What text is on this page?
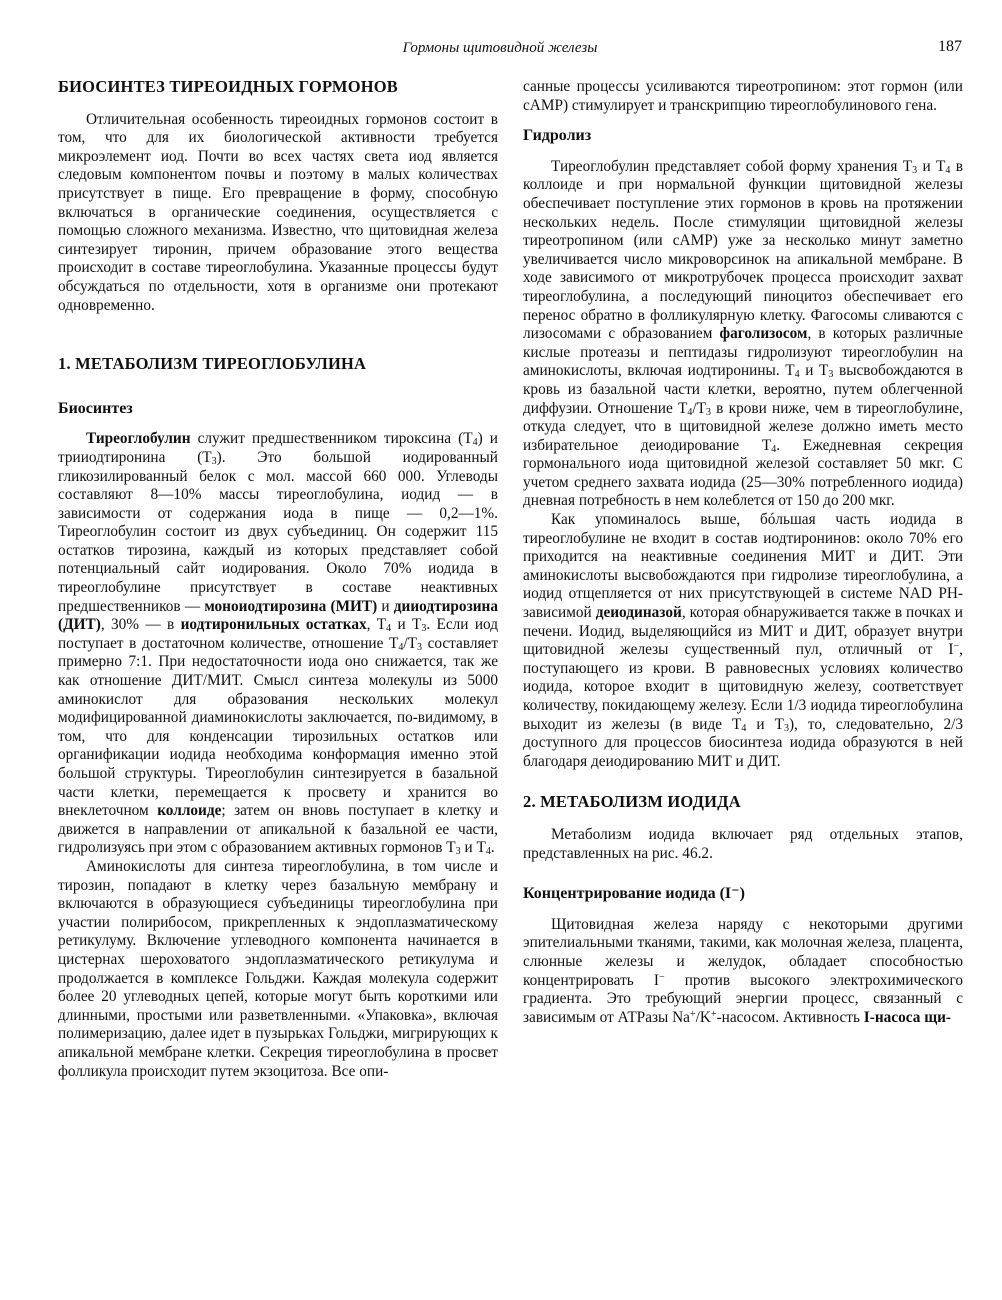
Гормоны щитовидной железы	187
БИОСИНТЕЗ ТИРЕОИДНЫХ ГОРМОНОВ

Отличительная особенность тиреоидных гормонов состоит в том, что для их биологической активности требуется микроэлемент иод. Почти во всех частях света иод является следовым компонентом почвы и поэтому в малых количествах присутствует в пище. Его превращение в форму, способную включаться в органические соединения, осуществляется с помощью сложного механизма. Известно, что щитовидная железа синтезирует тиронин, причем образование этого вещества происходит в составе тиреоглобулина. Указанные процессы будут обсуждаться по отдельности, хотя в организме они протекают одновременно.

1. МЕТАБОЛИЗМ ТИРЕОГЛОБУЛИНА
Биосинтез

Тиреоглобулин служит предшественником тироксина $(Т_4)$ и трииодтиронина $(Т_3)$. Это большой иодированный гликозилированный белок с мол. массой 660 000. Углеводы составляют 8—10% массы тиреоглобулина, иодид — в зависимости от содержания иода в пище — 0,2—1%. Тиреоглобулин состоит из двух субъединиц. Он содержит 115 остатков тирозина, каждый из которых представляет собой потенциальный сайт иодирования. Около 70% иодида в тиреоглобулине присутствует в составе неактивных предшественников — монοиодтирозина (МИТ) и дииодтирозина (ДИТ), 30% — в иодтиронильных остатках, $Т_4$ и $Т_3$. Если иод поступает в достаточном количестве, отношение $Т_4/Т_3$ составляет примерно 7:1. При недостаточности иода оно снижается, так же как отношение ДИТ/МИТ. Смысл синтеза молекулы из 5000 аминокислот для образования нескольких молекул модифицированной диаминокислоты заключается, по-видимому, в том, что для конденсации тирозильных остатков или органификации иодида необходима конформация именно этой большой структуры. Тиреоглобулин синтезируется в базальной части клетки, перемещается к просвету и хранится во внеклеточном коллоиде; затем он вновь поступает в клетку и движется в направлении от апикальной к базальной ее части, гидролизуясь при этом с образованием активных гормонов $Т_3$ и $Т_4$.

Аминокислоты для синтеза тиреоглобулина, в том числе и тирозин, попадают в клетку через базальную мембрану и включаются в образующиеся субъединицы тиреоглобулина при участии полирибосом, прикрепленных к эндоплазматическому ретикулуму. Включение углеводного компонента начинается в цистернах шероховатого эндоплазматического ретикулума и продолжается в комплексе Гольджи. Каждая молекула содержит более 20 углеводных цепей, которые могут быть короткими или длинными, простыми или разветвленными. «Упаковка», включая полимеризацию, далее идет в пузырьках Гольджи, мигрирующих к апикальной мембране клетки. Секреция тиреоглобулина в просвет фолликула происходит путем экзоцитоза. Все опи-

санные процессы усиливаются тиреотропином: этот гормон (или cAMP) стимулирует и транскрипцию тиреоглобулинового гена.

Гидролиз

Тиреоглобулин представляет собой форму хранения $Т_3$ и $Т_4$ в коллоиде и при нормальной функции щитовидной железы обеспечивает поступление этих гормонов в кровь на протяжении нескольких недель. После стимуляции щитовидной железы тиреотропином (или cAMP) уже за несколько минут заметно увеличивается число микроворсинок на апикальной мембране. В ходе зависимого от микротрубочек процесса происходит захват тиреоглобулина, а последующий пиноцитоз обеспечивает его перенос обратно в фолликулярную клетку. Фагосомы сливаются с лизосомами с образованием фаголизосом, в которых различные кислые протеазы и пептидазы гидролизуют тиреоглобулин на аминокислоты, включая иодтиронины. $Т_4$ и $Т_3$ высвобождаются в кровь из базальной части клетки, вероятно, путем облегченной диффузии. Отношение $Т_4/Т_3$ в крови ниже, чем в тиреоглобулине, откуда следует, что в щитовидной железе должно иметь место избирательное деиодирование $Т_4$. Ежедневная секреция гормонального иода щитовидной железой составляет 50 мкг. С учетом среднего захвата иодида (25—30% потребленного иодида) дневная потребность в нем колеблется от 150 до 200 мкг.

Как упоминалось выше, бóльшая часть иодида в тиреоглобулине не входит в состав иодтиронинов: около 70% его приходится на неактивные соединения МИТ и ДИТ. Эти аминокислоты высвобождаются при гидролизе тиреоглобулина, а иодид отщепляется от них присутствующей в системе NAD PH-зависимой деиодиназой, которая обнаруживается также в почках и печени. Иодид, выделяющийся из МИТ и ДИТ, образует внутри щитовидной железы существенный пул, отличный от I−, поступающего из крови. В равновесных условиях количество иодида, которое входит в щитовидную железу, соответствует количеству, покидающему железу. Если 1/3 иодида тиреоглобулина выходит из железы (в виде $Т_4$ и $Т_3$), то, следовательно, 2/3 доступного для процессов биосинтеза иодида образуются в ней благодаря деиодированию МИТ и ДИТ.

2. МЕТАБОЛИЗМ ИОДИДА

Метаболизм иодида включает ряд отдельных этапов, представленных на рис. 46.2.

Концентрирование иодида (I⁻)

Щитовидная железа наряду с некоторыми другими эпителиальными тканями, такими, как молочная железа, плацента, слюнные железы и желудок, обладает способностью концентрировать I− против высокого электрохимического градиента. Это требующий энергии процесс, связанный с зависимым от АТРазы Na+/K+-насосом. Активность I-насоса щи-
